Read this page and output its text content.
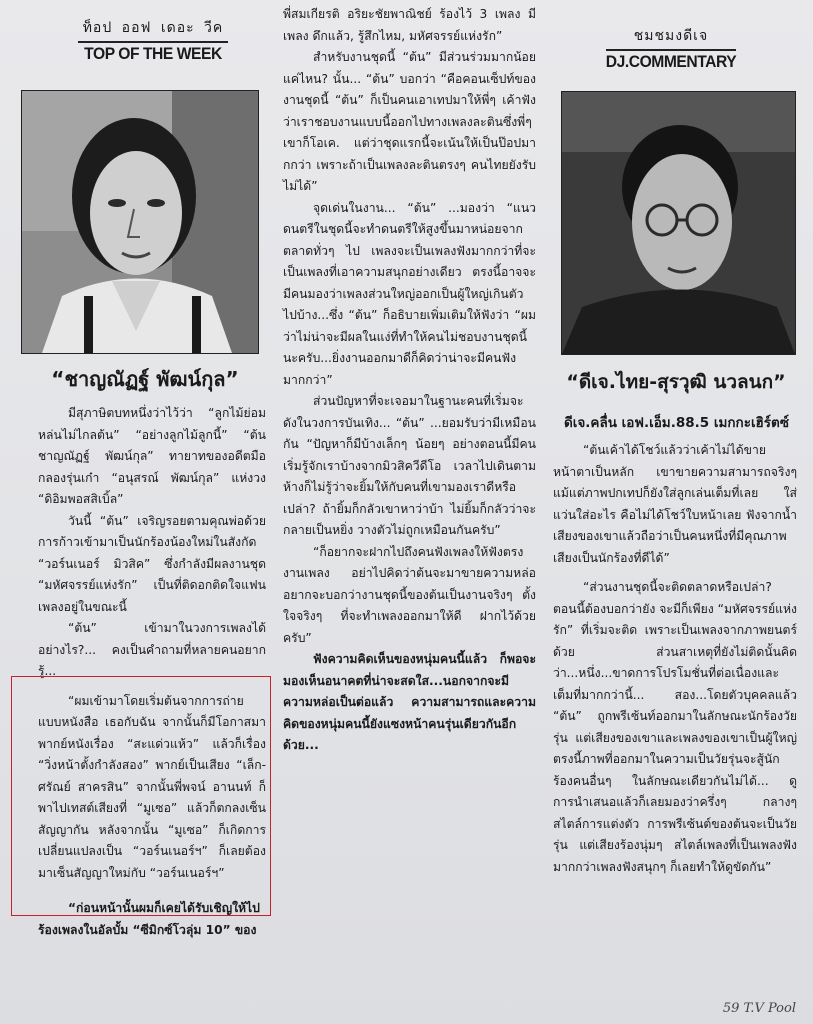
ท็อป ออฟ เดอะ วีค
TOP OF THE WEEK
“ชาญณัฏฐ์ พัฒน์กุล”

มีสุภาษิตบทหนึ่งว่าไว้ว่า “ลูกไม้ย่อมหล่นไม่ไกลต้น” “อย่างลูกไม้ลูกนี้” “ต้น ชาญณัฏฐ์ พัฒน์กุล” ทายาทของอดีตมือกลองรุ่นเก๋า “อนุสรณ์ พัฒน์กุล” แห่งวง “ดิอิมพอสสิเบิ้ล”

วันนี้ “ต้น” เจริญรอยตามคุณพ่อด้วยการก้าวเข้ามาเป็นนักร้องน้องใหม่ในสังกัด “วอร์นเนอร์ มิวสิค” ซึ่งกำลังมีผลงานชุด “มหัศจรรย์แห่งรัก” เป็นที่ติดอกติดใจแฟนเพลงอยู่ในขณะนี้

“ต้น” เข้ามาในวงการเพลงได้อย่างไร?... คงเป็นคำถามที่หลายคนอยากรู้...

“ผมเข้ามาโดยเริ่มต้นจากการถ่ายแบบหนังสือ เธอกับฉัน จากนั้นก็มีโอกาสมาพากย์หนังเรื่อง “สะแด่วแห้ว” แล้วก็เรื่อง “วิ่งหน้าตั้งกำลังสอง” พากย์เป็นเสียง “เล็ก-ศรัณย์ สาครสิน” จากนั้นพี่พจน์ อานนท์ ก็พาไปเทสต์เสียงที่ “มูเซอ” แล้วก็ตกลงเซ็นสัญญากัน หลังจากนั้น “มูเซอ” ก็เกิดการเปลี่ยนแปลงเป็น “วอร์นเนอร์ฯ” ก็เลยต้องมาเซ็นสัญญาใหม่กับ “วอร์นเนอร์ฯ”

“ก่อนหน้านั้นผมก็เคยได้รับเชิญให้ไปร้องเพลงในอัลบั้ม “ซีมิกซ์โวลุ่ม 10” ของ

พี่สมเกียรติ อริยะชัยพาณิชย์ ร้องไว้ 3 เพลง มีเพลง ดึกแล้ว, รู้สึกไหม, มหัศจรรย์แห่งรัก”

สำหรับงานชุดนี้ “ต้น” มีส่วนร่วมมากน้อยแค่ไหน? นั้น... “ต้น” บอกว่า “คือคอนเซ็ปท์ของงานชุดนี้ “ต้น” ก็เป็นคนเอาเทปมาให้พี่ๆ เค้าฟังว่าเราชอบงานแบบนี้ออกไปทางเพลงละตินซึ่งพี่ๆ เขาก็โอเค. แต่ว่าชุดแรกนี้จะเน้นให้เป็นป๊อปมากกว่า เพราะถ้าเป็นเพลงละตินตรงๆ คนไทยยังรับไม่ได้”

จุดเด่นในงาน... “ต้น” ...มองว่า “แนวดนตรีในชุดนี้จะทำดนตรีให้สูงขึ้นมาหน่อยจากตลาดทั่วๆ ไป เพลงจะเป็นเพลงฟังมากกว่าที่จะเป็นเพลงที่เอาความสนุกอย่างเดียว ตรงนี้อาจจะมีคนมองว่าเพลงส่วนใหญ่ออกเป็นผู้ใหญ่เกินตัวไปบ้าง...ซึ่ง “ต้น” ก็อธิบายเพิ่มเติมให้ฟังว่า “ผมว่าไม่น่าจะมีผลในแง่ที่ทำให้คนไม่ชอบงานชุดนี้นะครับ...ยิ่งงานออกมาดีก็คิดว่าน่าจะมีคนฟังมากกว่า”

ส่วนปัญหาที่จะเจอมาในฐานะคนที่เริ่มจะดังในวงการบันเทิง... “ต้น” ...ยอมรับว่ามีเหมือนกัน “ปัญหาก็มีบ้างเล็กๆ น้อยๆ อย่างตอนนี้มีคนเริ่มรู้จักเราบ้างจากมิวสิควีดีโอ เวลาไปเดินตามห้างก็ไม่รู้ว่าจะยิ้มให้กับคนที่เขามองเราดีหรือเปล่า? ถ้ายิ้มก็กลัวเขาหาว่าบ้า ไม่ยิ้มก็กลัวว่าจะกลายเป็นหยิ่ง วางตัวไม่ถูกเหมือนกันครับ”

“ก็อยากจะฝากไปถึงคนฟังเพลงให้ฟังตรงงานเพลง อย่าไปคิดว่าต้นจะมาขายความหล่ออยากจะบอกว่างานชุดนี้ของต้นเป็นงานจริงๆ ตั้งใจจริงๆ ที่จะทำเพลงออกมาให้ดี ฝากไว้ด้วยครับ”

ฟังความคิดเห็นของหนุ่มคนนี้แล้ว ก็พอจะมองเห็นอนาคตที่น่าจะสดใส...นอกจากจะมีความหล่อเป็นต่อแล้ว ความสามารถและความคิดของหนุ่มคนนี้ยังแซงหน้าคนรุ่นเดียวกันอีกด้วย...

ชมชมงดีเจ
DJ.COMMENTARY
“ดีเจ.ไทย-สุรวุฒิ นวลนก”
ดีเจ.คลื่น เอฟ.เอ็ม.88.5 เมกกะเฮิร์ตซ์

“ต้นเค้าได้โชว์แล้วว่าเค้าไม่ได้ขายหน้าตาเป็นหลัก เขาขายความสามารถจริงๆ แม้แต่ภาพปกเทปก็ยังใส่ลูกเล่นเต็มที่เลย ใส่แว่นใส่อะไร คือไม่ได้โชว์ใบหน้าเลย ฟังจากน้ำเสียงของเขาแล้วถือว่าเป็นคนหนึ่งที่มีคุณภาพเสียงเป็นนักร้องที่ดีได้”

“ส่วนงานชุดนี้จะติดตลาดหรือเปล่า? ตอนนี้ต้องบอกว่ายัง จะมีก็เพียง “มหัศจรรย์แห่งรัก” ที่เริ่มจะติด เพราะเป็นเพลงจากภาพยนตร์ด้วย ส่วนสาเหตุที่ยังไม่ติดนั้นคิดว่า...หนึ่ง...ขาดการโปรโมชั่นที่ต่อเนื่องและเต็มที่มากกว่านี้... สอง...โดยตัวบุคคลแล้ว “ต้น” ถูกพรีเซ้นท์ออกมาในลักษณะนักร้องวัยรุ่น แต่เสียงของเขาและเพลงของเขาเป็นผู้ใหญ่ ตรงนี้ภาพที่ออกมาในความเป็นวัยรุ่นจะสู้นักร้องคนอื่นๆ ในลักษณะเดียวกันไม่ได้... ดูการนำเสนอแล้วก็เลยมองว่าครึ่งๆ กลางๆ สไตล์การแต่งตัว การพรีเซ้นต์ของต้นจะเป็นวัยรุ่น แต่เสียงร้องนุ่มๆ สไตล์เพลงที่เป็นเพลงฟังมากกว่าเพลงฟังสนุกๆ ก็เลยทำให้ดูขัดกัน”

59 T.V Pool
